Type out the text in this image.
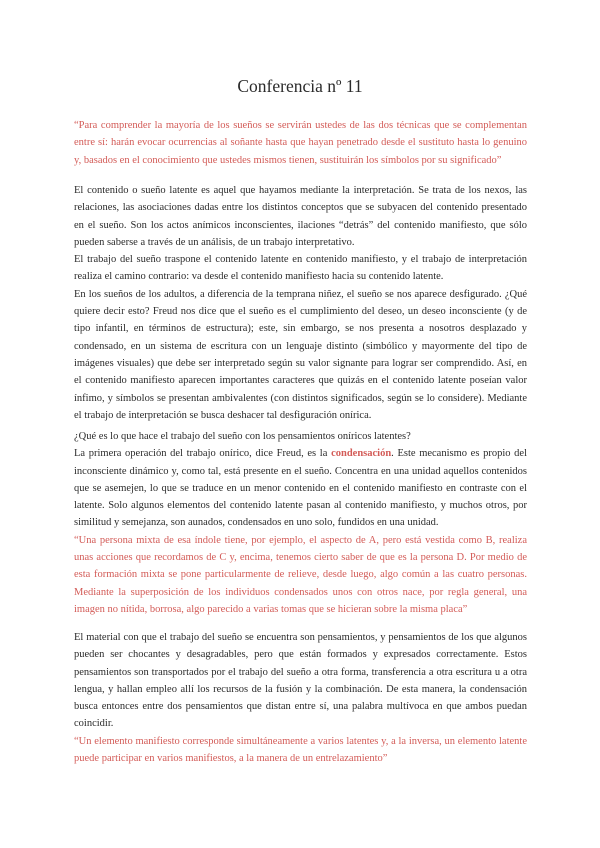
Conferencia nº 11

“Para comprender la mayoría de los sueños se servirán ustedes de las dos técnicas que se complementan entre sí: harán evocar ocurrencias al soñante hasta que hayan penetrado desde el sustituto hasta lo genuino y, basados en el conocimiento que ustedes mismos tienen, sustituirán los símbolos por su significado”

El contenido o sueño latente es aquel que hayamos mediante la interpretación. Se trata de los nexos, las relaciones, las asociaciones dadas entre los distintos conceptos que se subyacen del contenido presentado en el sueño. Son los actos anímicos inconscientes, ilaciones “detrás” del contenido manifiesto, que sólo pueden saberse a través de un análisis, de un trabajo interpretativo.

El trabajo del sueño traspone el contenido latente en contenido manifiesto, y el trabajo de interpretación realiza el camino contrario: va desde el contenido manifiesto hacia su contenido latente.

En los sueños de los adultos, a diferencia de la temprana niñez, el sueño se nos aparece desfigurado. ¿Qué quiere decir esto? Freud nos dice que el sueño es el cumplimiento del deseo, un deseo inconsciente (y de tipo infantil, en términos de estructura); este, sin embargo, se nos presenta a nosotros desplazado y condensado, en un sistema de escritura con un lenguaje distinto (simbólico y mayormente del tipo de imágenes visuales) que debe ser interpretado según su valor signante para lograr ser comprendido. Así, en el contenido manifiesto aparecen importantes caracteres que quizás en el contenido latente poseían valor ínfimo, y símbolos se presentan ambivalentes (con distintos significados, según se lo considere). Mediante el trabajo de interpretación se busca deshacer tal desfiguración onírica.

¿Qué es lo que hace el trabajo del sueño con los pensamientos oníricos latentes?

La primera operación del trabajo onírico, dice Freud, es la condensación. Este mecanismo es propio del inconsciente dinámico y, como tal, está presente en el sueño. Concentra en una unidad aquellos contenidos que se asemejen, lo que se traduce en un menor contenido en el contenido manifiesto en contraste con el latente. Solo algunos elementos del contenido latente pasan al contenido manifiesto, y muchos otros, por similitud y semejanza, son aunados, condensados en uno solo, fundidos en una unidad.

“Una persona mixta de esa índole tiene, por ejemplo, el aspecto de A, pero está vestida como B, realiza unas acciones que recordamos de C y, encima, tenemos cierto saber de que es la persona D. Por medio de esta formación mixta se pone particularmente de relieve, desde luego, algo común a las cuatro personas. Mediante la superposición de los individuos condensados unos con otros nace, por regla general, una imagen no nítida, borrosa, algo parecido a varias tomas que se hicieran sobre la misma placa”

El material con que el trabajo del sueño se encuentra son pensamientos, y pensamientos de los que algunos pueden ser chocantes y desagradables, pero que están formados y expresados correctamente. Estos pensamientos son transportados por el trabajo del sueño a otra forma, transferencia a otra escritura u a otra lengua, y hallan empleo allí los recursos de la fusión y la combinación. De esta manera, la condensación busca entonces entre dos pensamientos que distan entre sí, una palabra multívoca en que ambos puedan coincidir.

“Un elemento manifiesto corresponde simultáneamente a varios latentes y, a la inversa, un elemento latente puede participar en varios manifiestos, a la manera de un entrelazamiento”
